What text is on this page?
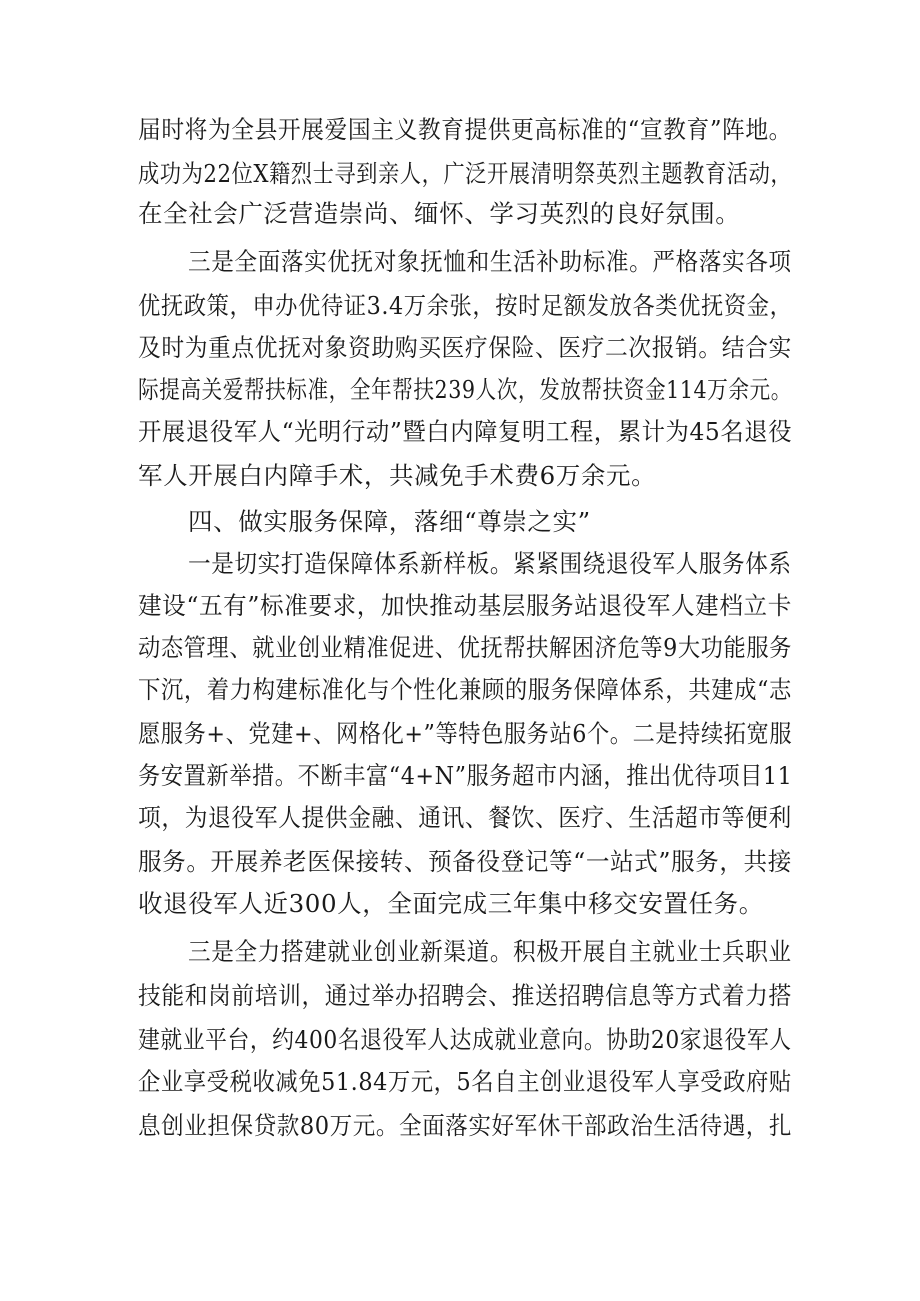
届时将为全县开展爱国主义教育提供更高标准的“宣教育”阵地。
成功为22位X籍烈士寻到亲人，广泛开展清明祭英烈主题教育活动，
在全社会广泛营造崇尚、缅怀、学习英烈的良好氛围。
三是全面落实优抚对象抚恤和生活补助标准。严格落实各项
优抚政策，申办优待证3.4万余张，按时足额发放各类优抚资金，
及时为重点优抚对象资助购买医疗保险、医疗二次报销。结合实
际提高关爱帮扶标准，全年帮扶239人次，发放帮扶资金114万余元。
开展退役军人“光明行动”暨白内障复明工程，累计为45名退役
军人开展白内障手术，共减免手术费6万余元。
四、做实服务保障，落细“尊崇之实”
一是切实打造保障体系新样板。紧紧围绕退役军人服务体系
建设“五有”标准要求，加快推动基层服务站退役军人建档立卡
动态管理、就业创业精准促进、优抚帮扶解困济危等9大功能服务
下沉，着力构建标准化与个性化兼顾的服务保障体系，共建成“志
愿服务+、党建+、网格化+”等特色服务站6个。二是持续拓宽服
务安置新举措。不断丰富“4+N”服务超市内涵，推出优待项目11
项，为退役军人提供金融、通讯、餐饮、医疗、生活超市等便利
服务。开展养老医保接转、预备役登记等“一站式”服务，共接
收退役军人近300人，全面完成三年集中移交安置任务。
三是全力搭建就业创业新渠道。积极开展自主就业士兵职业
技能和岗前培训，通过举办招聘会、推送招聘信息等方式着力搭
建就业平台，约400名退役军人达成就业意向。协助20家退役军人
企业享受税收减免51.84万元，5名自主创业退役军人享受政府贴
息创业担保贷款80万元。全面落实好军休干部政治生活待遇，扎
